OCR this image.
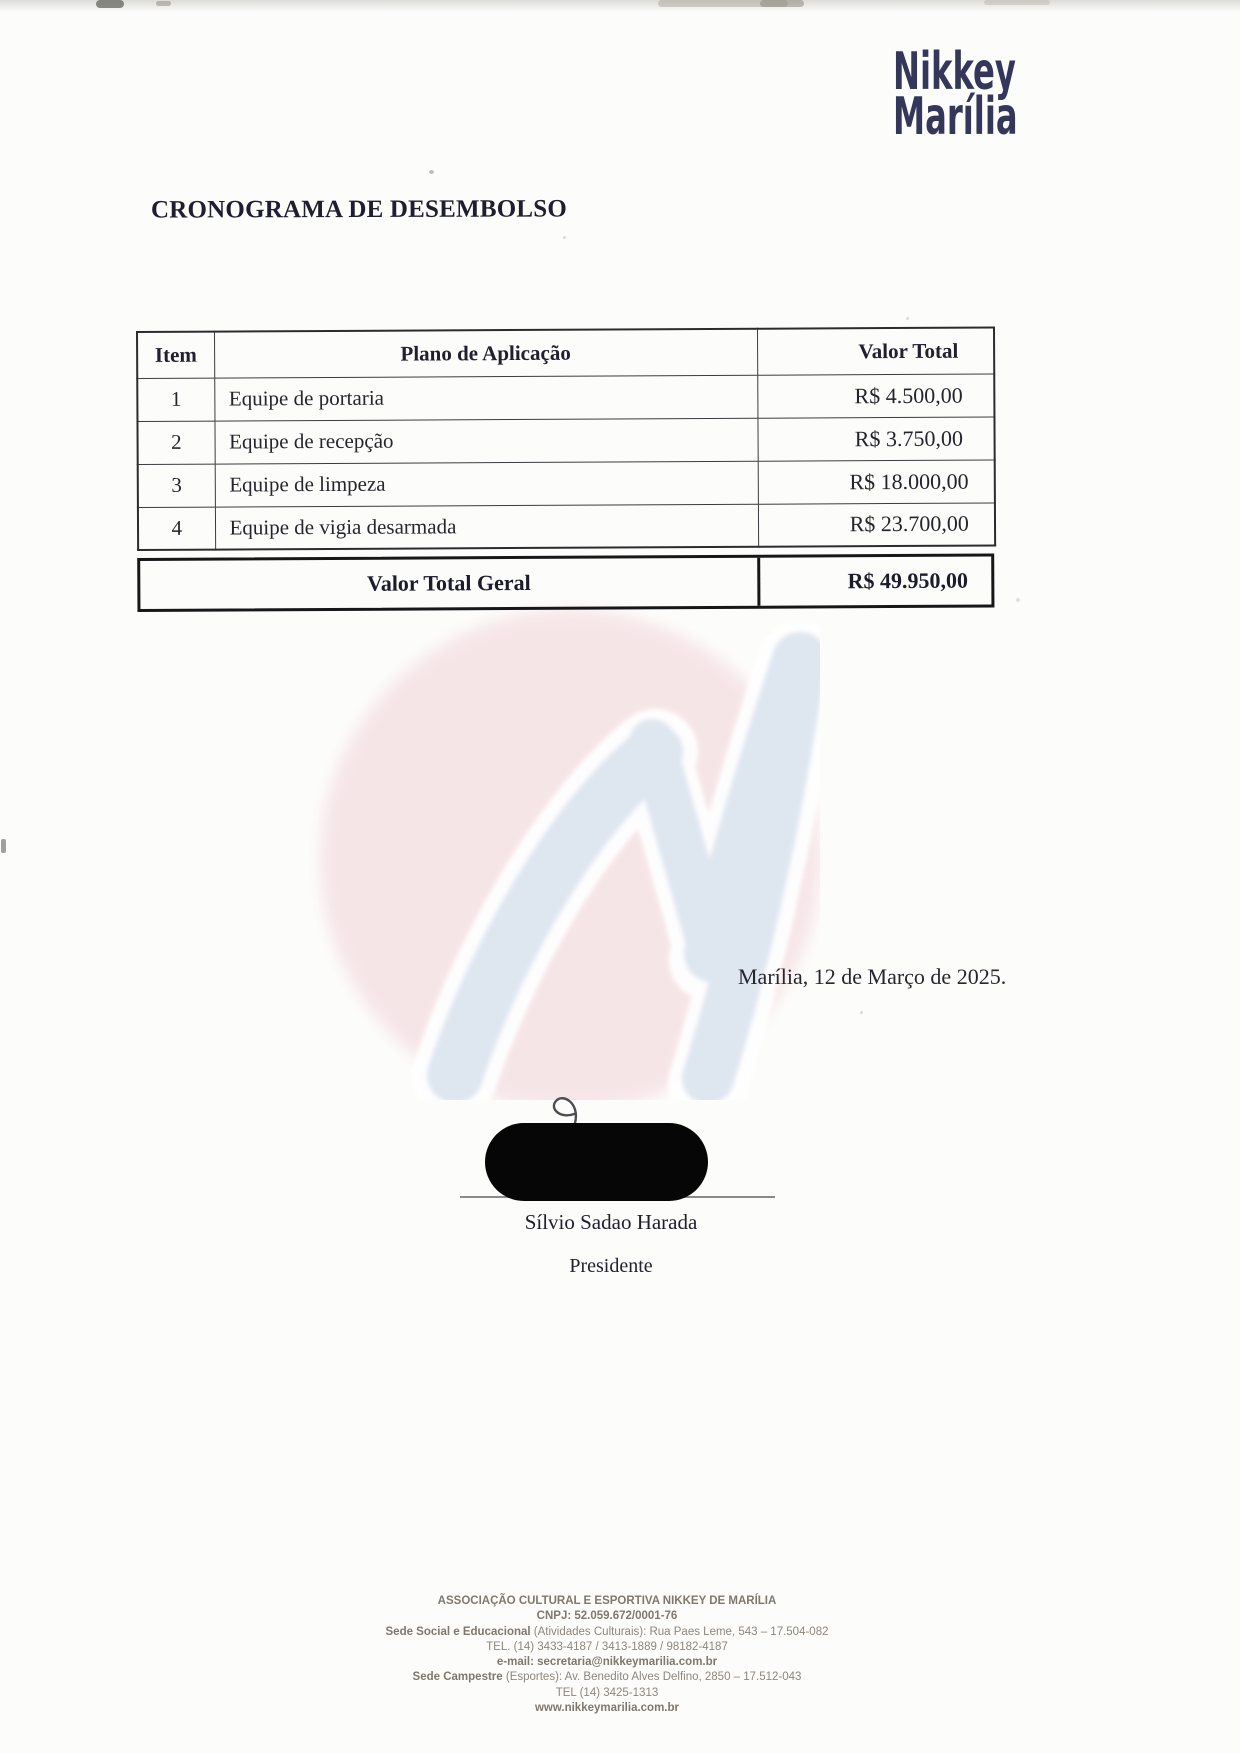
Nikkey
Marília
CRONOGRAMA DE DESEMBOLSO
Item	Plano de Aplicação	Valor Total
1	Equipe de portaria	R$ 4.500,00
2	Equipe de recepção	R$ 3.750,00
3	Equipe de limpeza	R$ 18.000,00
4	Equipe de vigia desarmada	R$ 23.700,00
Valor Total Geral	R$ 49.950,00
Marília, 12 de Março de 2025.
Sílvio Sadao Harada
Presidente
ASSOCIAÇÃO CULTURAL E ESPORTIVA NIKKEY DE MARÍLIA
CNPJ: 52.059.672/0001-76
Sede Social e Educacional (Atividades Culturais): Rua Paes Leme, 543 – 17.504-082
TEL. (14) 3433-4187 / 3413-1889 / 98182-4187
e-mail: secretaria@nikkeymarilia.com.br
Sede Campestre (Esportes): Av. Benedito Alves Delfino, 2850 – 17.512-043
TEL (14) 3425-1313
www.nikkeymarilia.com.br
